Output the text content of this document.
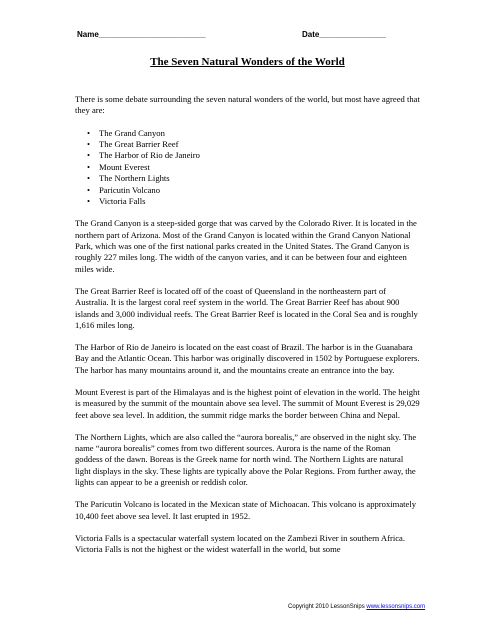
Name________________________	Date_______________
The Seven Natural Wonders of the World

There is some debate surrounding the seven natural wonders of the world, but most have agreed that they are:

• The Grand Canyon
• The Great Barrier Reef
• The Harbor of Rio de Janeiro
• Mount Everest
• The Northern Lights
• Paricutin Volcano
• Victoria Falls

The Grand Canyon is a steep-sided gorge that was carved by the Colorado River. It is located in the northern part of Arizona. Most of the Grand Canyon is located within the Grand Canyon National Park, which was one of the first national parks created in the United States. The Grand Canyon is roughly 227 miles long. The width of the canyon varies, and it can be between four and eighteen miles wide.

The Great Barrier Reef is located off of the coast of Queensland in the northeastern part of Australia. It is the largest coral reef system in the world. The Great Barrier Reef has about 900 islands and 3,000 individual reefs. The Great Barrier Reef is located in the Coral Sea and is roughly 1,616 miles long.

The Harbor of Rio de Janeiro is located on the east coast of Brazil. The harbor is in the Guanabara Bay and the Atlantic Ocean. This harbor was originally discovered in 1502 by Portuguese explorers. The harbor has many mountains around it, and the mountains create an entrance into the bay.

Mount Everest is part of the Himalayas and is the highest point of elevation in the world. The height is measured by the summit of the mountain above sea level. The summit of Mount Everest is 29,029 feet above sea level. In addition, the summit ridge marks the border between China and Nepal.

The Northern Lights, which are also called the “aurora borealis,” are observed in the night sky. The name “aurora borealis” comes from two different sources. Aurora is the name of the Roman goddess of the dawn. Boreas is the Greek name for north wind. The Northern Lights are natural light displays in the sky. These lights are typically above the Polar Regions. From further away, the lights can appear to be a greenish or reddish color.

The Paricutin Volcano is located in the Mexican state of Michoacan. This volcano is approximately 10,400 feet above sea level. It last erupted in 1952.

Victoria Falls is a spectacular waterfall system located on the Zambezi River in southern Africa. Victoria Falls is not the highest or the widest waterfall in the world, but some

Copyright 2010 LessonSnips www.lessonsnips.com
